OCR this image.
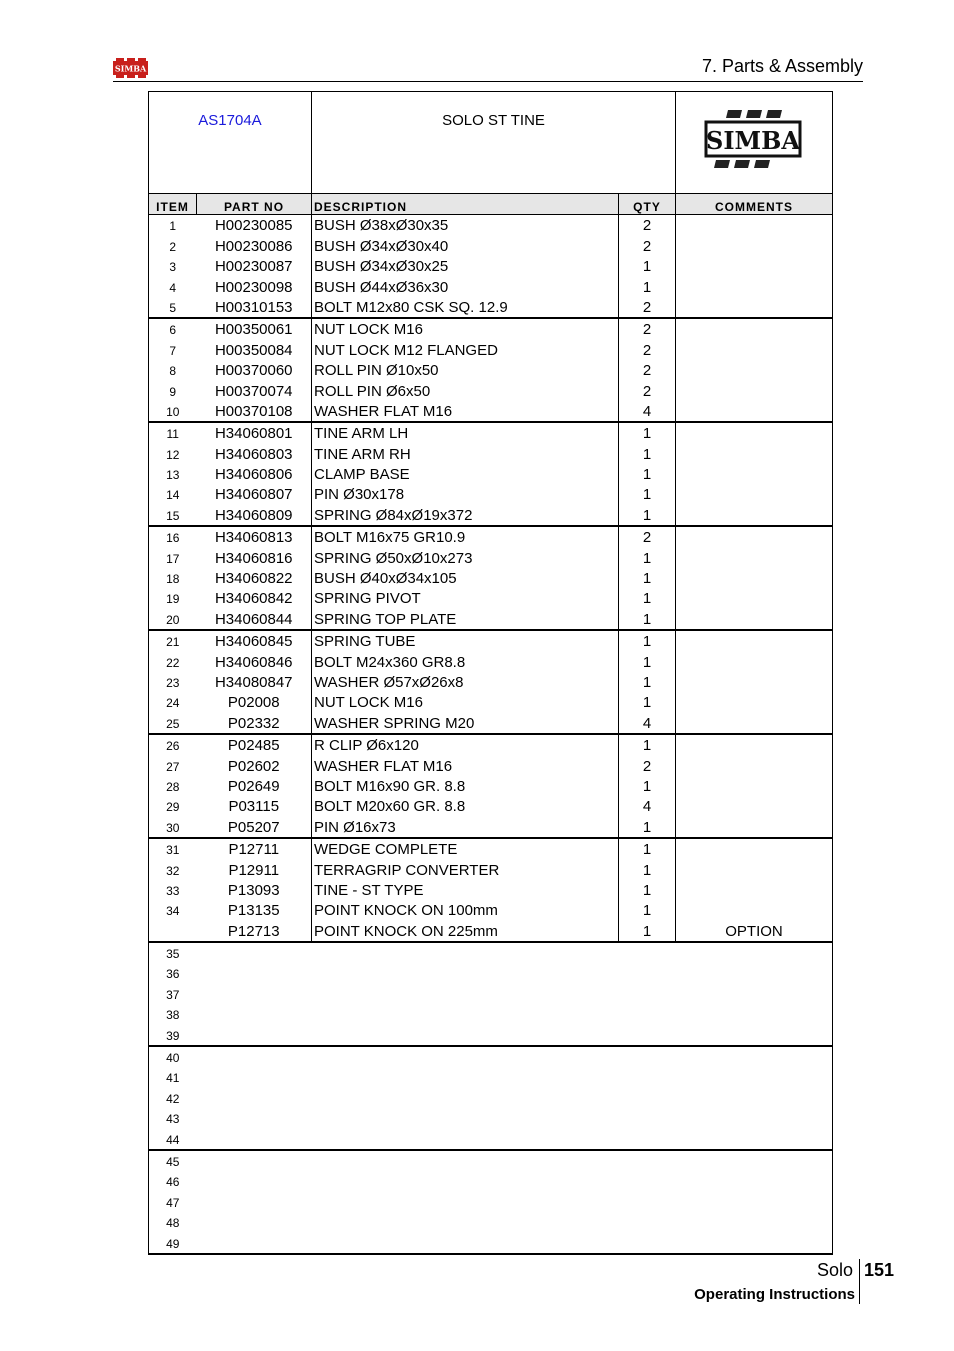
SIMBA	7. Parts & Assembly
AS1704A		SOLO ST TINE		SIMBA

ITEM	PART NO	DESCRIPTION	QTY	COMMENTS
1	H00230085	BUSH Ø38xØ30x35	2	
2	H00230086	BUSH Ø34xØ30x40	2	
3	H00230087	BUSH Ø34xØ30x25	1	
4	H00230098	BUSH Ø44xØ36x30	1	
5	H00310153	BOLT M12x80 CSK SQ. 12.9	2	
6	H00350061	NUT LOCK M16	2	
7	H00350084	NUT LOCK M12 FLANGED	2	
8	H00370060	ROLL PIN Ø10x50	2	
9	H00370074	ROLL PIN Ø6x50	2	
10	H00370108	WASHER FLAT M16	4	
11	H34060801	TINE ARM LH	1	
12	H34060803	TINE ARM RH	1	
13	H34060806	CLAMP BASE	1	
14	H34060807	PIN Ø30x178	1	
15	H34060809	SPRING Ø84xØ19x372	1	
16	H34060813	BOLT M16x75 GR10.9	2	
17	H34060816	SPRING Ø50xØ10x273	1	
18	H34060822	BUSH Ø40xØ34x105	1	
19	H34060842	SPRING PIVOT	1	
20	H34060844	SPRING TOP PLATE	1	
21	H34060845	SPRING TUBE	1	
22	H34060846	BOLT M24x360 GR8.8	1	
23	H34080847	WASHER Ø57xØ26x8	1	
24	P02008	NUT LOCK M16	1	
25	P02332	WASHER SPRING M20	4	
26	P02485	R CLIP Ø6x120	1	
27	P02602	WASHER FLAT M16	2	
28	P02649	BOLT M16x90 GR. 8.8	1	
29	P03115	BOLT M20x60 GR. 8.8	4	
30	P05207	PIN Ø16x73	1	
31	P12711	WEDGE COMPLETE	1	
32	P12911	TERRAGRIP CONVERTER	1	
33	P13093	TINE - ST TYPE	1	
34	P13135	POINT KNOCK ON 100mm	1	
	P12713	POINT KNOCK ON 225mm	1	OPTION
35				
36				
37				
38				
39				
40				
41				
42				
43				
44				
45				
46				
47				
48				
49				
Solo 151
Operating Instructions
